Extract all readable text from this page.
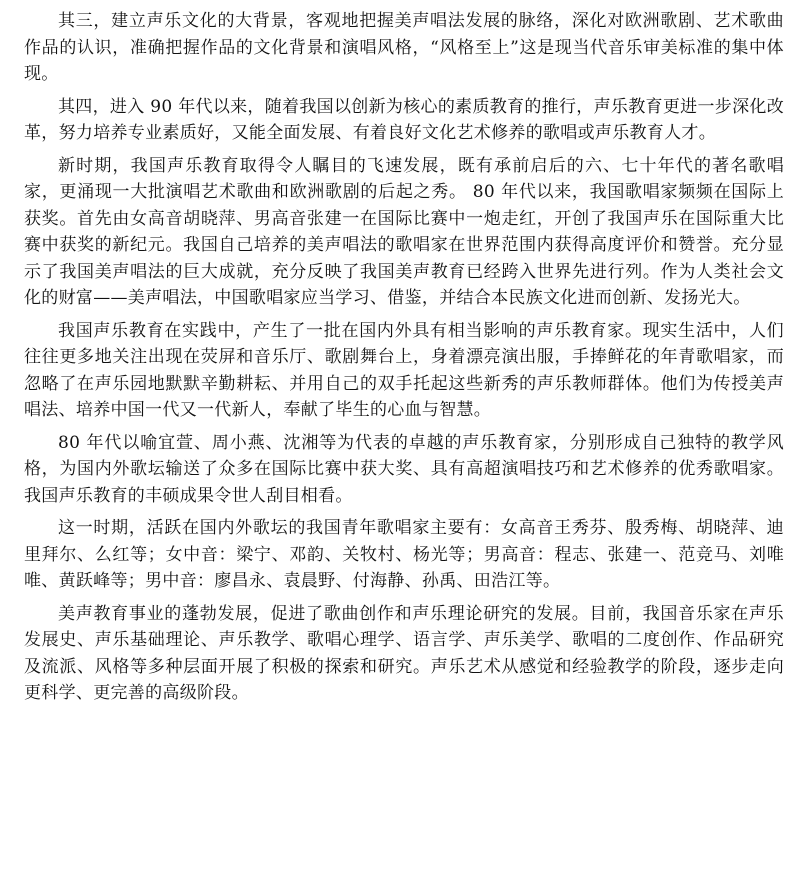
其三，建立声乐文化的大背景，客观地把握美声唱法发展的脉络，深化对欧洲歌剧、艺术歌曲作品的认识，准确把握作品的文化背景和演唱风格，“风格至上”这是现当代音乐审美标准的集中体现。

其四，进入 90 年代以来，随着我国以创新为核心的素质教育的推行，声乐教育更进一步深化改革，努力培养专业素质好，又能全面发展、有着良好文化艺术修养的歌唱或声乐教育人才。

新时期，我国声乐教育取得令人瞩目的飞速发展，既有承前启后的六、七十年代的著名歌唱家，更涌现一大批演唱艺术歌曲和欧洲歌剧的后起之秀。 80 年代以来，我国歌唱家频频在国际上获奖。首先由女高音胡晓萍、男高音张建一在国际比赛中一炮走红，开创了我国声乐在国际重大比赛中获奖的新纪元。我国自己培养的美声唱法的歌唱家在世界范围内获得高度评价和赞誉。充分显示了我国美声唱法的巨大成就，充分反映了我国美声教育已经跨入世界先进行列。作为人类社会文化的财富——美声唱法，中国歌唱家应当学习、借鉴，并结合本民族文化进而创新、发扬光大。

我国声乐教育在实践中，产生了一批在国内外具有相当影响的声乐教育家。现实生活中，人们往往更多地关注出现在荧屏和音乐厅、歌剧舞台上，身着漂亮演出服，手捧鲜花的年青歌唱家，而忽略了在声乐园地默默辛勤耕耘、并用自己的双手托起这些新秀的声乐教师群体。他们为传授美声唱法、培养中国一代又一代新人，奉献了毕生的心血与智慧。

80 年代以喻宜萱、周小燕、沈湘等为代表的卓越的声乐教育家，分别形成自己独特的教学风格，为国内外歌坛输送了众多在国际比赛中获大奖、具有高超演唱技巧和艺术修养的优秀歌唱家。我国声乐教育的丰硕成果令世人刮目相看。

这一时期，活跃在国内外歌坛的我国青年歌唱家主要有：女高音王秀芬、殷秀梅、胡晓萍、迪里拜尔、么红等；女中音：梁宁、邓韵、关牧村、杨光等；男高音：程志、张建一、范竞马、刘唯唯、黄跃峰等；男中音：廖昌永、袁晨野、付海静、孙禹、田浩江等。

美声教育事业的蓬勃发展，促进了歌曲创作和声乐理论研究的发展。目前，我国音乐家在声乐发展史、声乐基础理论、声乐教学、歌唱心理学、语言学、声乐美学、歌唱的二度创作、作品研究及流派、风格等多种层面开展了积极的探索和研究。声乐艺术从感觉和经验教学的阶段，逐步走向更科学、更完善的高级阶段。
